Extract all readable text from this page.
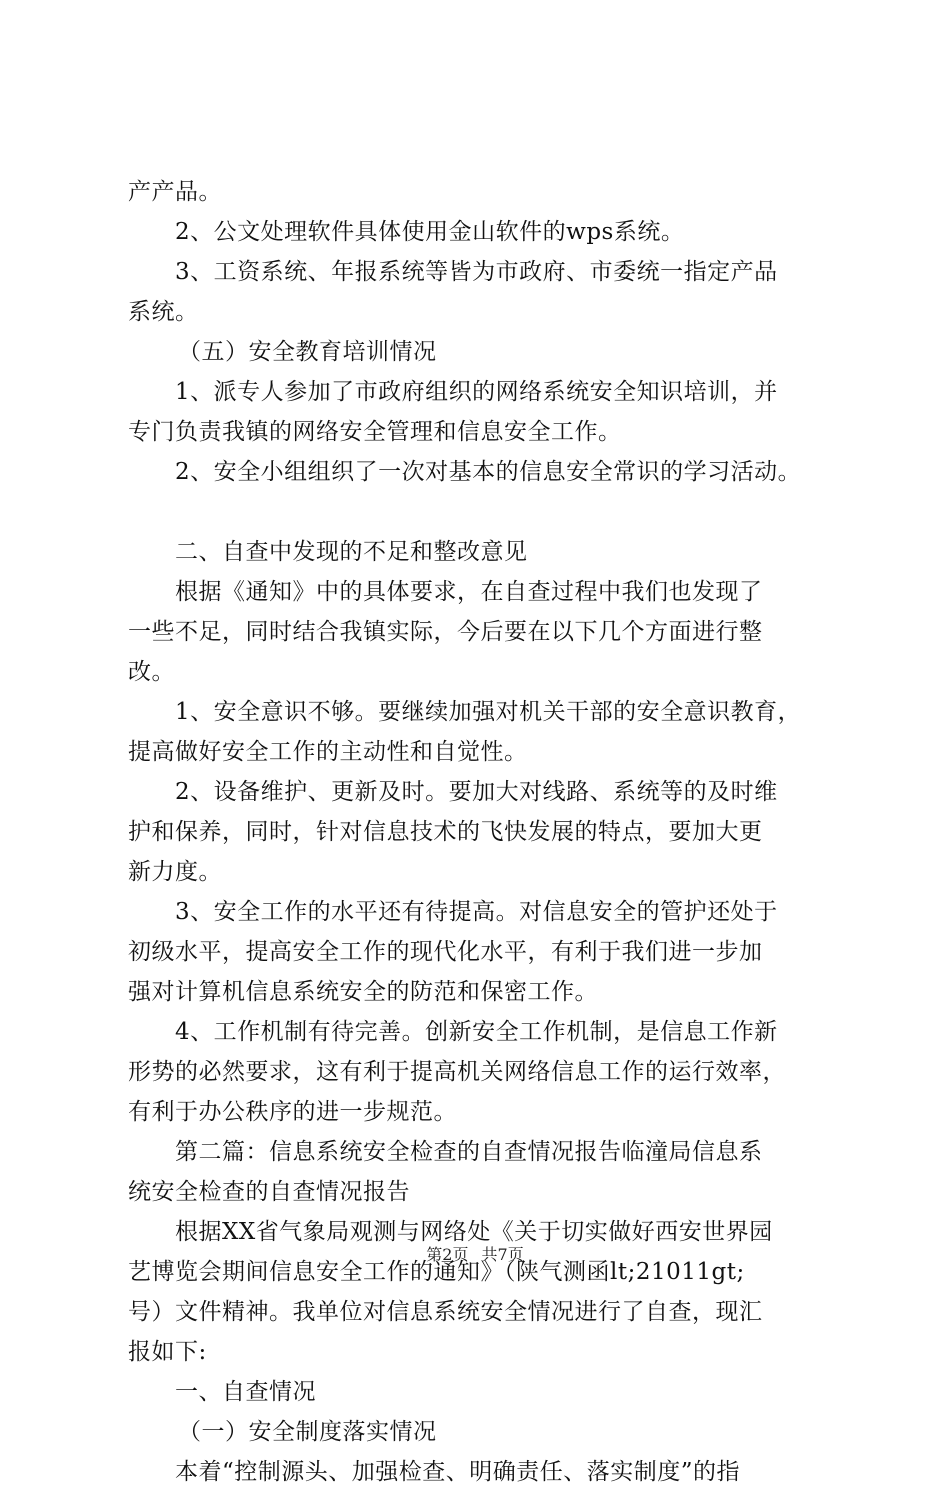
产产品。
2、公文处理软件具体使用金山软件的wps系统。
3、工资系统、年报系统等皆为市政府、市委统一指定产品
系统。
（五）安全教育培训情况
1、派专人参加了市政府组织的网络系统安全知识培训，并
专门负责我镇的网络安全管理和信息安全工作。
2、安全小组组织了一次对基本的信息安全常识的学习活动。
二、自查中发现的不足和整改意见
根据《通知》中的具体要求，在自查过程中我们也发现了
一些不足，同时结合我镇实际，今后要在以下几个方面进行整
改。
1、安全意识不够。要继续加强对机关干部的安全意识教育，
提高做好安全工作的主动性和自觉性。
2、设备维护、更新及时。要加大对线路、系统等的及时维
护和保养，同时，针对信息技术的飞快发展的特点，要加大更
新力度。
3、安全工作的水平还有待提高。对信息安全的管护还处于
初级水平，提高安全工作的现代化水平，有利于我们进一步加
强对计算机信息系统安全的防范和保密工作。
4、工作机制有待完善。创新安全工作机制，是信息工作新
形势的必然要求，这有利于提高机关网络信息工作的运行效率，
有利于办公秩序的进一步规范。
第二篇：信息系统安全检查的自查情况报告临潼局信息系
统安全检查的自查情况报告
根据XX省气象局观测与网络处《关于切实做好西安世界园
艺博览会期间信息安全工作的通知》（陕气测函lt;21011gt;
号）文件精神。我单位对信息系统安全情况进行了自查，现汇
报如下:
一、自查情况
（一）安全制度落实情况
本着“控制源头、加强检查、明确责任、落实制度”的指
第2页 共7页
